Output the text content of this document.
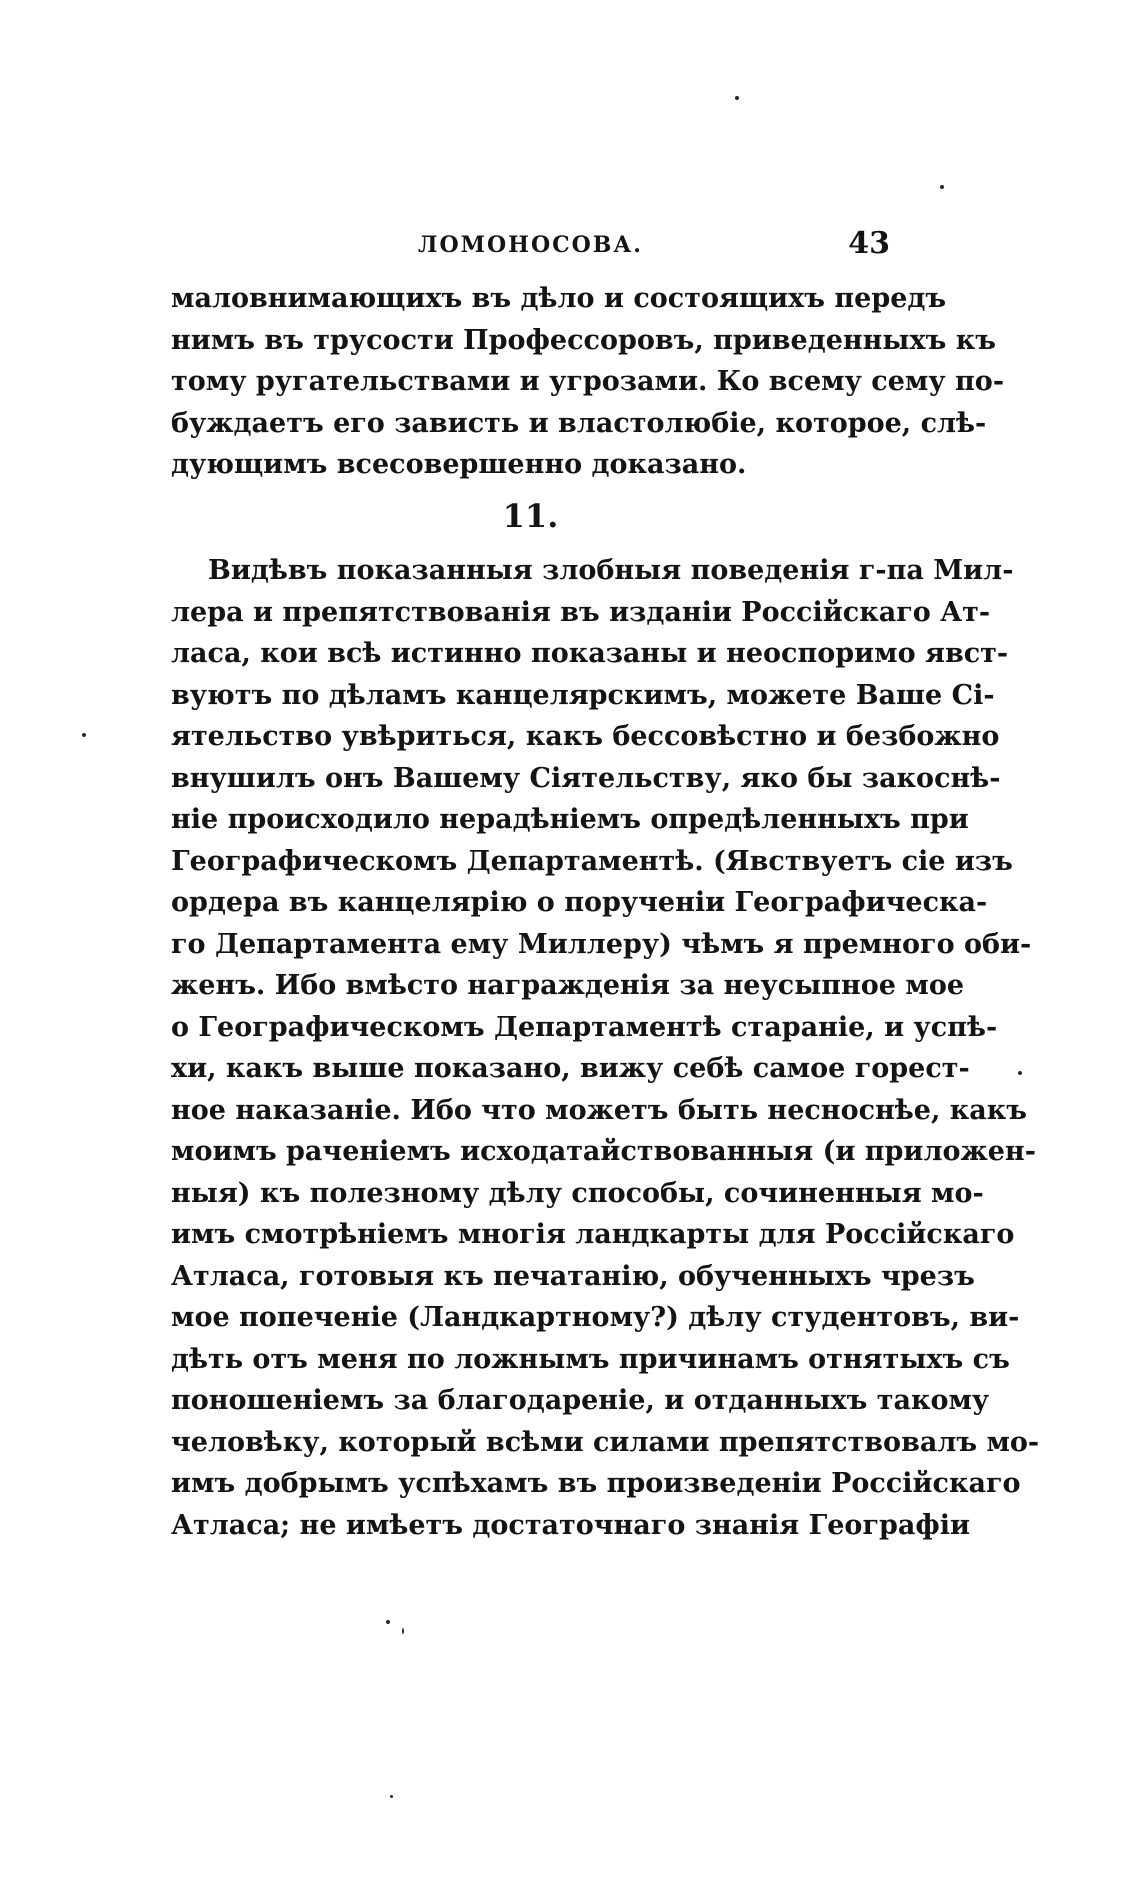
ЛОМОНОСОВА.	43
маловнимающихъ въ дѣло и состоящихъ передъ
нимъ въ трусости Профессоровъ, приведенныхъ къ
тому ругательствами и угрозами. Ко всему сему по-
буждаетъ его зависть и властолюбіе, которое, слѣ-
дующимъ всесовершенно доказано.
11.
Видѣвъ показанныя злобныя поведенія г-па Мил-
лера и препятствованія въ изданіи Россійскаго Ат-
ласа, кои всѣ истинно показаны и неоспоримо явст-
вуютъ по дѣламъ канцелярскимъ, можете Ваше Сі-
ятельство увѣриться, какъ бессовѣстно и безбожно
внушилъ онъ Вашему Сіятельству, яко бы закоснѣ-
ніе происходило нерадѣніемъ опредѣленныхъ при
Географическомъ Департаментѣ. (Явствуетъ сіе изъ
ордера въ канцелярію о порученіи Географическа-
го Департамента ему Миллеру) чѣмъ я премного оби-
женъ. Ибо вмѣсто награжденія за неусыпное мое
о Географическомъ Департаментѣ стараніе, и успѣ-
хи, какъ выше показано, вижу себѣ самое горест-
ное наказаніе. Ибо что можетъ быть несноснѣе, какъ
моимъ раченіемъ исходатайствованныя (и приложен-
ныя) къ полезному дѣлу способы, сочиненныя мо-
имъ смотрѣніемъ многія ландкарты для Россійскаго
Атласа, готовыя къ печатанію, обученныхъ чрезъ
мое попеченіе (Ландкартному?) дѣлу студентовъ, ви-
дѣть отъ меня по ложнымъ причинамъ отнятыхъ съ
поношеніемъ за благодареніе, и отданныхъ такому
человѣку, который всѣми силами препятствовалъ мо-
имъ добрымъ успѣхамъ въ произведеніи Россійскаго
Атласа; не имѣетъ достаточнаго знанія Географіи
